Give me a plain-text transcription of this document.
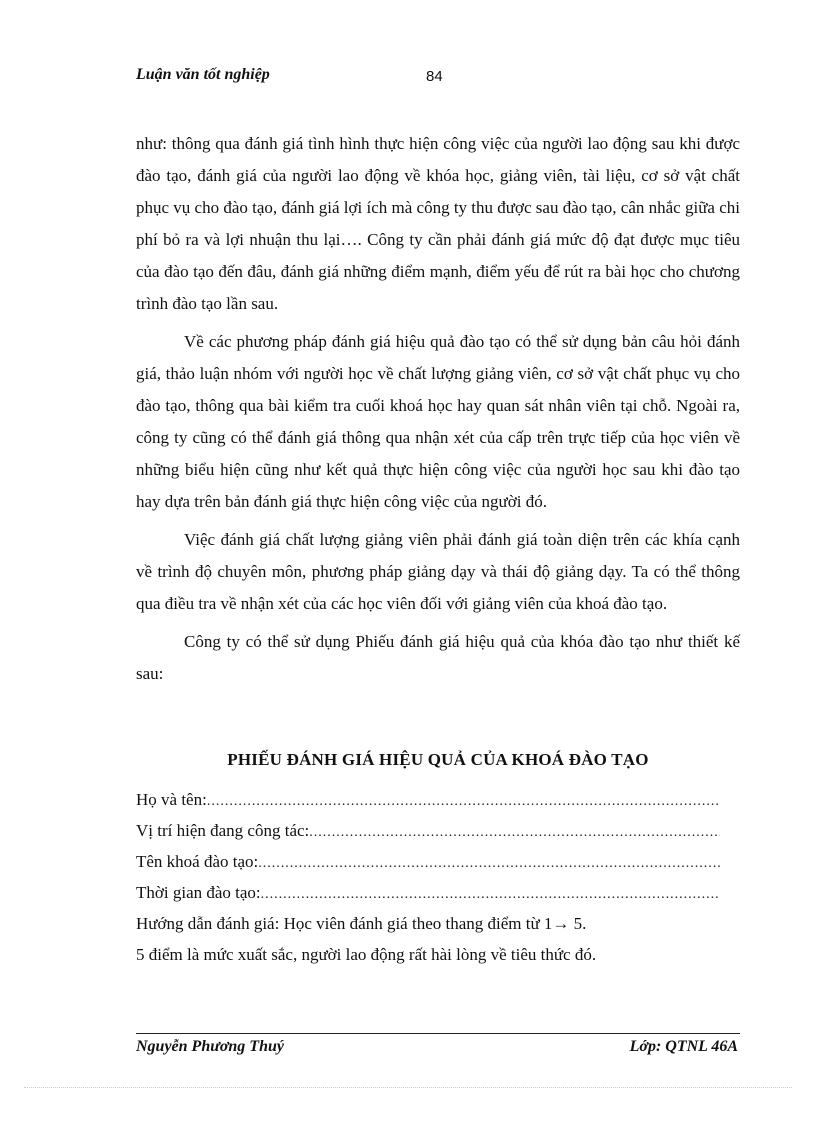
Luận văn tốt nghiệp	84

như: thông qua đánh giá tình hình thực hiện công việc của người lao động sau khi được đào tạo, đánh giá của người lao động về khóa học, giảng viên, tài liệu, cơ sở vật chất phục vụ cho đào tạo, đánh giá lợi ích mà công ty thu được sau đào tạo, cân nhắc giữa chi phí bỏ ra và lợi nhuận thu lại…. Công ty cần phải đánh giá mức độ đạt được mục tiêu của đào tạo đến đâu, đánh giá những điểm mạnh, điểm yếu để rút ra bài học cho chương trình đào tạo lần sau.

Về các phương pháp đánh giá hiệu quả đào tạo có thể sử dụng bản câu hỏi đánh giá, thảo luận nhóm với người học về chất lượng giảng viên, cơ sở vật chất phục vụ cho đào tạo, thông qua bài kiểm tra cuối khoá học hay quan sát nhân viên tại chỗ. Ngoài ra, công ty cũng có thể đánh giá thông qua nhận xét của cấp trên trực tiếp của học viên về những biểu hiện cũng như kết quả thực hiện công việc của người học sau khi đào tạo hay dựa trên bản đánh giá thực hiện công việc của người đó.

Việc đánh giá chất lượng giảng viên phải đánh giá toàn diện trên các khía cạnh về trình độ chuyên môn, phương pháp giảng dạy và thái độ giảng dạy. Ta có thể thông qua điều tra về nhận xét của các học viên đối với giảng viên của khoá đào tạo.

Công ty có thể sử dụng Phiếu đánh giá hiệu quả của khóa đào tạo như thiết kế sau:

PHIẾU ĐÁNH GIÁ HIỆU QUẢ CỦA KHOÁ ĐÀO TẠO
Họ và tên:
.....
Vị trí hiện đang công tác:
.....
Tên khoá đào tạo:
.....
Thời gian đào tạo:
.....
Hướng dẫn đánh giá: Học viên đánh giá theo thang điểm từ 1→ 5.
5 điểm là mức xuất sắc, người lao động rất hài lòng về tiêu thức đó.
Nguyễn Phương Thuý	Lớp: QTNL 46A
